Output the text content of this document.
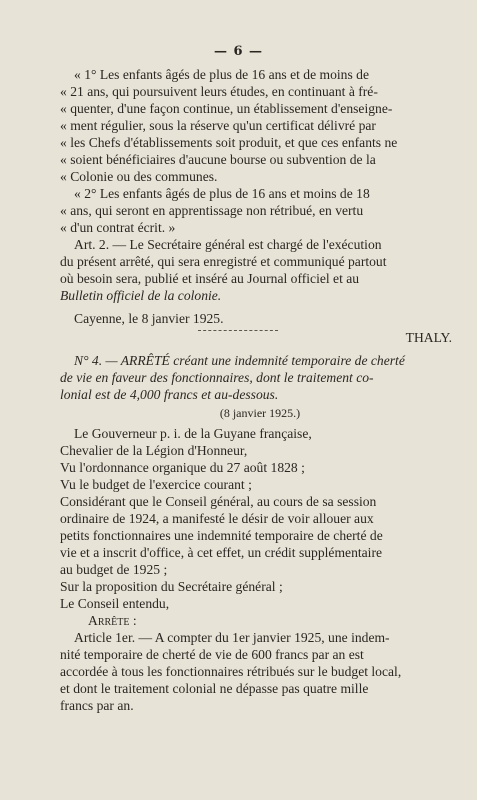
— 6 —
« 1° Les enfants âgés de plus de 16 ans et de moins de
« 21 ans, qui poursuivent leurs études, en continuant à fré-
« quenter, d'une façon continue, un établissement d'enseigne-
« ment régulier, sous la réserve qu'un certificat délivré par
« les Chefs d'établissements soit produit, et que ces enfants ne
« soient bénéficiaires d'aucune bourse ou subvention de la
« Colonie ou des communes.
« 2° Les enfants âgés de plus de 16 ans et moins de 18
« ans, qui seront en apprentissage non rétribué, en vertu
« d'un contrat écrit. »
Art. 2. — Le Secrétaire général est chargé de l'exécution
du présent arrêté, qui sera enregistré et communiqué partout
où besoin sera, publié et inséré au Journal officiel et au
Bulletin officiel de la colonie.
Cayenne, le 8 janvier 1925.
THALY.
N° 4. — ARRÊTÉ créant une indemnité temporaire de cherté
de vie en faveur des fonctionnaires, dont le traitement co-
lonial est de 4,000 francs et au-dessous.
(8 janvier 1925.)
Le Gouverneur p. i. de la Guyane française,
Chevalier de la Légion d'Honneur,
Vu l'ordonnance organique du 27 août 1828 ;
Vu le budget de l'exercice courant ;
Considérant que le Conseil général, au cours de sa session
ordinaire de 1924, a manifesté le désir de voir allouer aux
petits fonctionnaires une indemnité temporaire de cherté de
vie et a inscrit d'office, à cet effet, un crédit supplémentaire
au budget de 1925 ;
Sur la proposition du Secrétaire général ;
Le Conseil entendu,
Arrête :
Article 1er. — A compter du 1er janvier 1925, une indem-
nité temporaire de cherté de vie de 600 francs par an est
accordée à tous les fonctionnaires rétribués sur le budget local,
et dont le traitement colonial ne dépasse pas quatre mille
francs par an.
